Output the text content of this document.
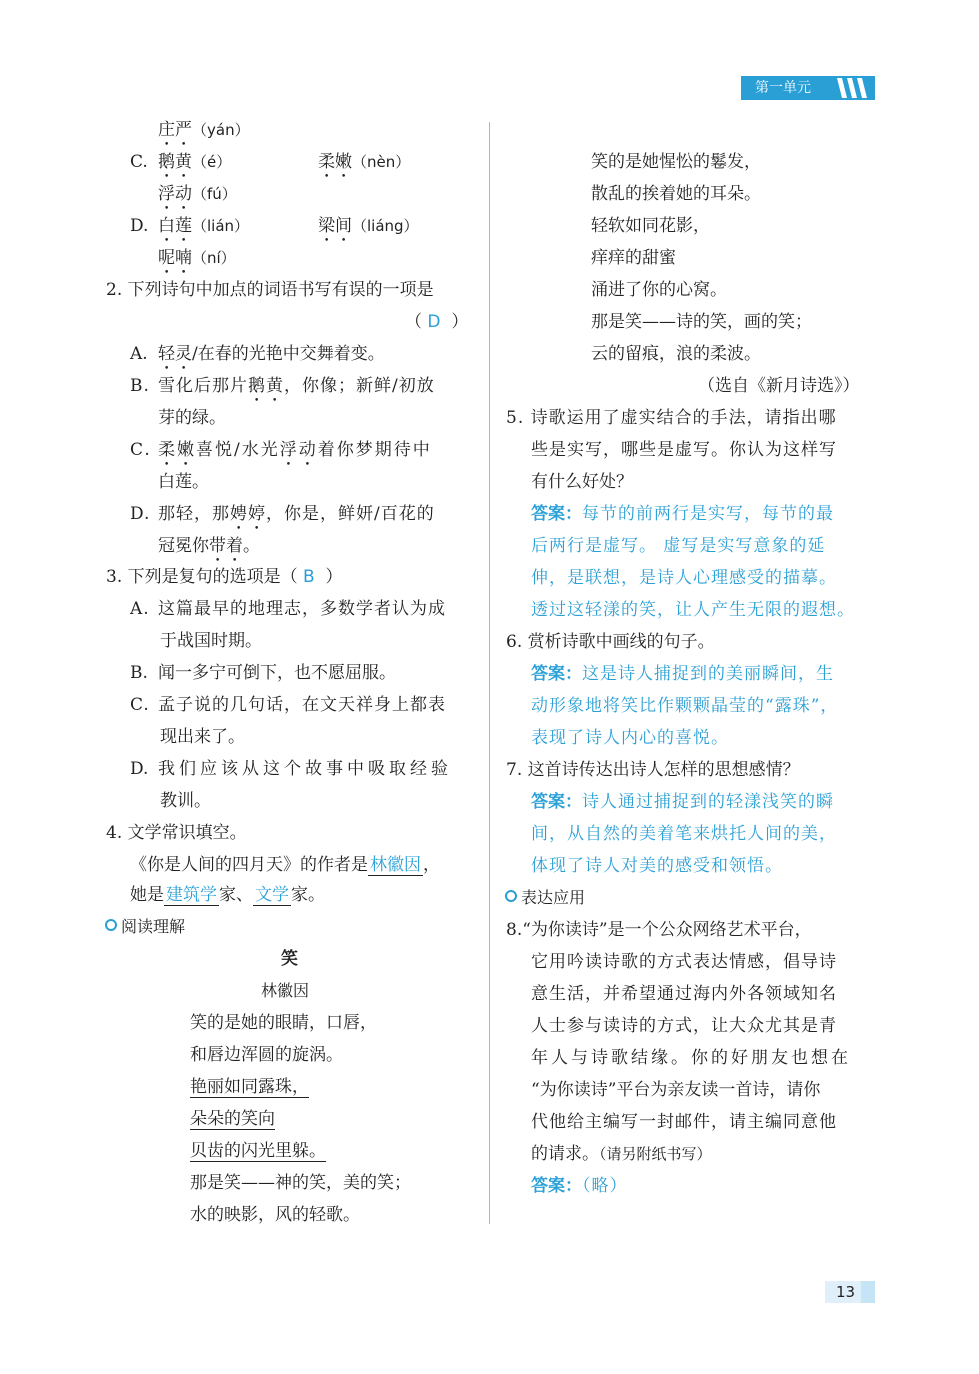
第一单元
庄严（yán）
C. 鹅黄（é）	柔嫩（nèn）
浮动（fú）
D. 白莲（lián）	梁间（liáng）
呢喃（ní）
2. 下列诗句中加点的词语书写有误的一项是
（ D ）
A. 轻灵/在春的光艳中交舞着变。
B. 雪化后那片鹅黄，你像；新鲜/初放
芽的绿。
C. 柔嫩喜悦/水光浮动着你梦期待中
白莲。
D. 那轻，那娉婷，你是，鲜妍/百花的
冠冕你带着。
3. 下列是复句的选项是（ B ）
A. 这篇最早的地理志，多数学者认为成
于战国时期。
B. 闻一多宁可倒下，也不愿屈服。
C. 孟子说的几句话，在文天祥身上都表
现出来了。
D. 我们应该从这个故事中吸取经验
教训。
4. 文学常识填空。
《你是人间的四月天》的作者是 林徽因 ，
她是 建筑学 家、 文学 家。
阅读理解
笑
林徽因
笑的是她的眼睛，口唇，
和唇边浑圆的旋涡。
艳丽如同露珠，
朵朵的笑向
贝齿的闪光里躲。
那是笑——神的笑，美的笑；
水的映影，风的轻歌。
笑的是她惺忪的鬈发，
散乱的挨着她的耳朵。
轻软如同花影，
痒痒的甜蜜
涌进了你的心窝。
那是笑——诗的笑，画的笑；
云的留痕，浪的柔波。
（选自《新月诗选》）
5. 诗歌运用了虚实结合的手法，请指出哪
些是实写，哪些是虚写。你认为这样写
有什么好处？
答案：每节的前两行是实写，每节的最
后两行是虚写。 虚写是实写意象的延
伸，是联想，是诗人心理感受的描摹。
透过这轻漾的笑，让人产生无限的遐想。
6. 赏析诗歌中画线的句子。
答案：这是诗人捕捉到的美丽瞬间，生
动形象地将笑比作颗颗晶莹的“露珠”，
表现了诗人内心的喜悦。
7. 这首诗传达出诗人怎样的思想感情？
答案：诗人通过捕捉到的轻漾浅笑的瞬
间，从自然的美着笔来烘托人间的美，
体现了诗人对美的感受和领悟。
表达应用
8.“为你读诗”是一个公众网络艺术平台，
它用吟读诗歌的方式表达情感，倡导诗
意生活，并希望通过海内外各领域知名
人士参与读诗的方式，让大众尤其是青
年人与诗歌结缘。你的好朋友也想在
“为你读诗”平台为亲友读一首诗，请你
代他给主编写一封邮件，请主编同意他
的请求。（请另附纸书写）
答案：（略）
13
